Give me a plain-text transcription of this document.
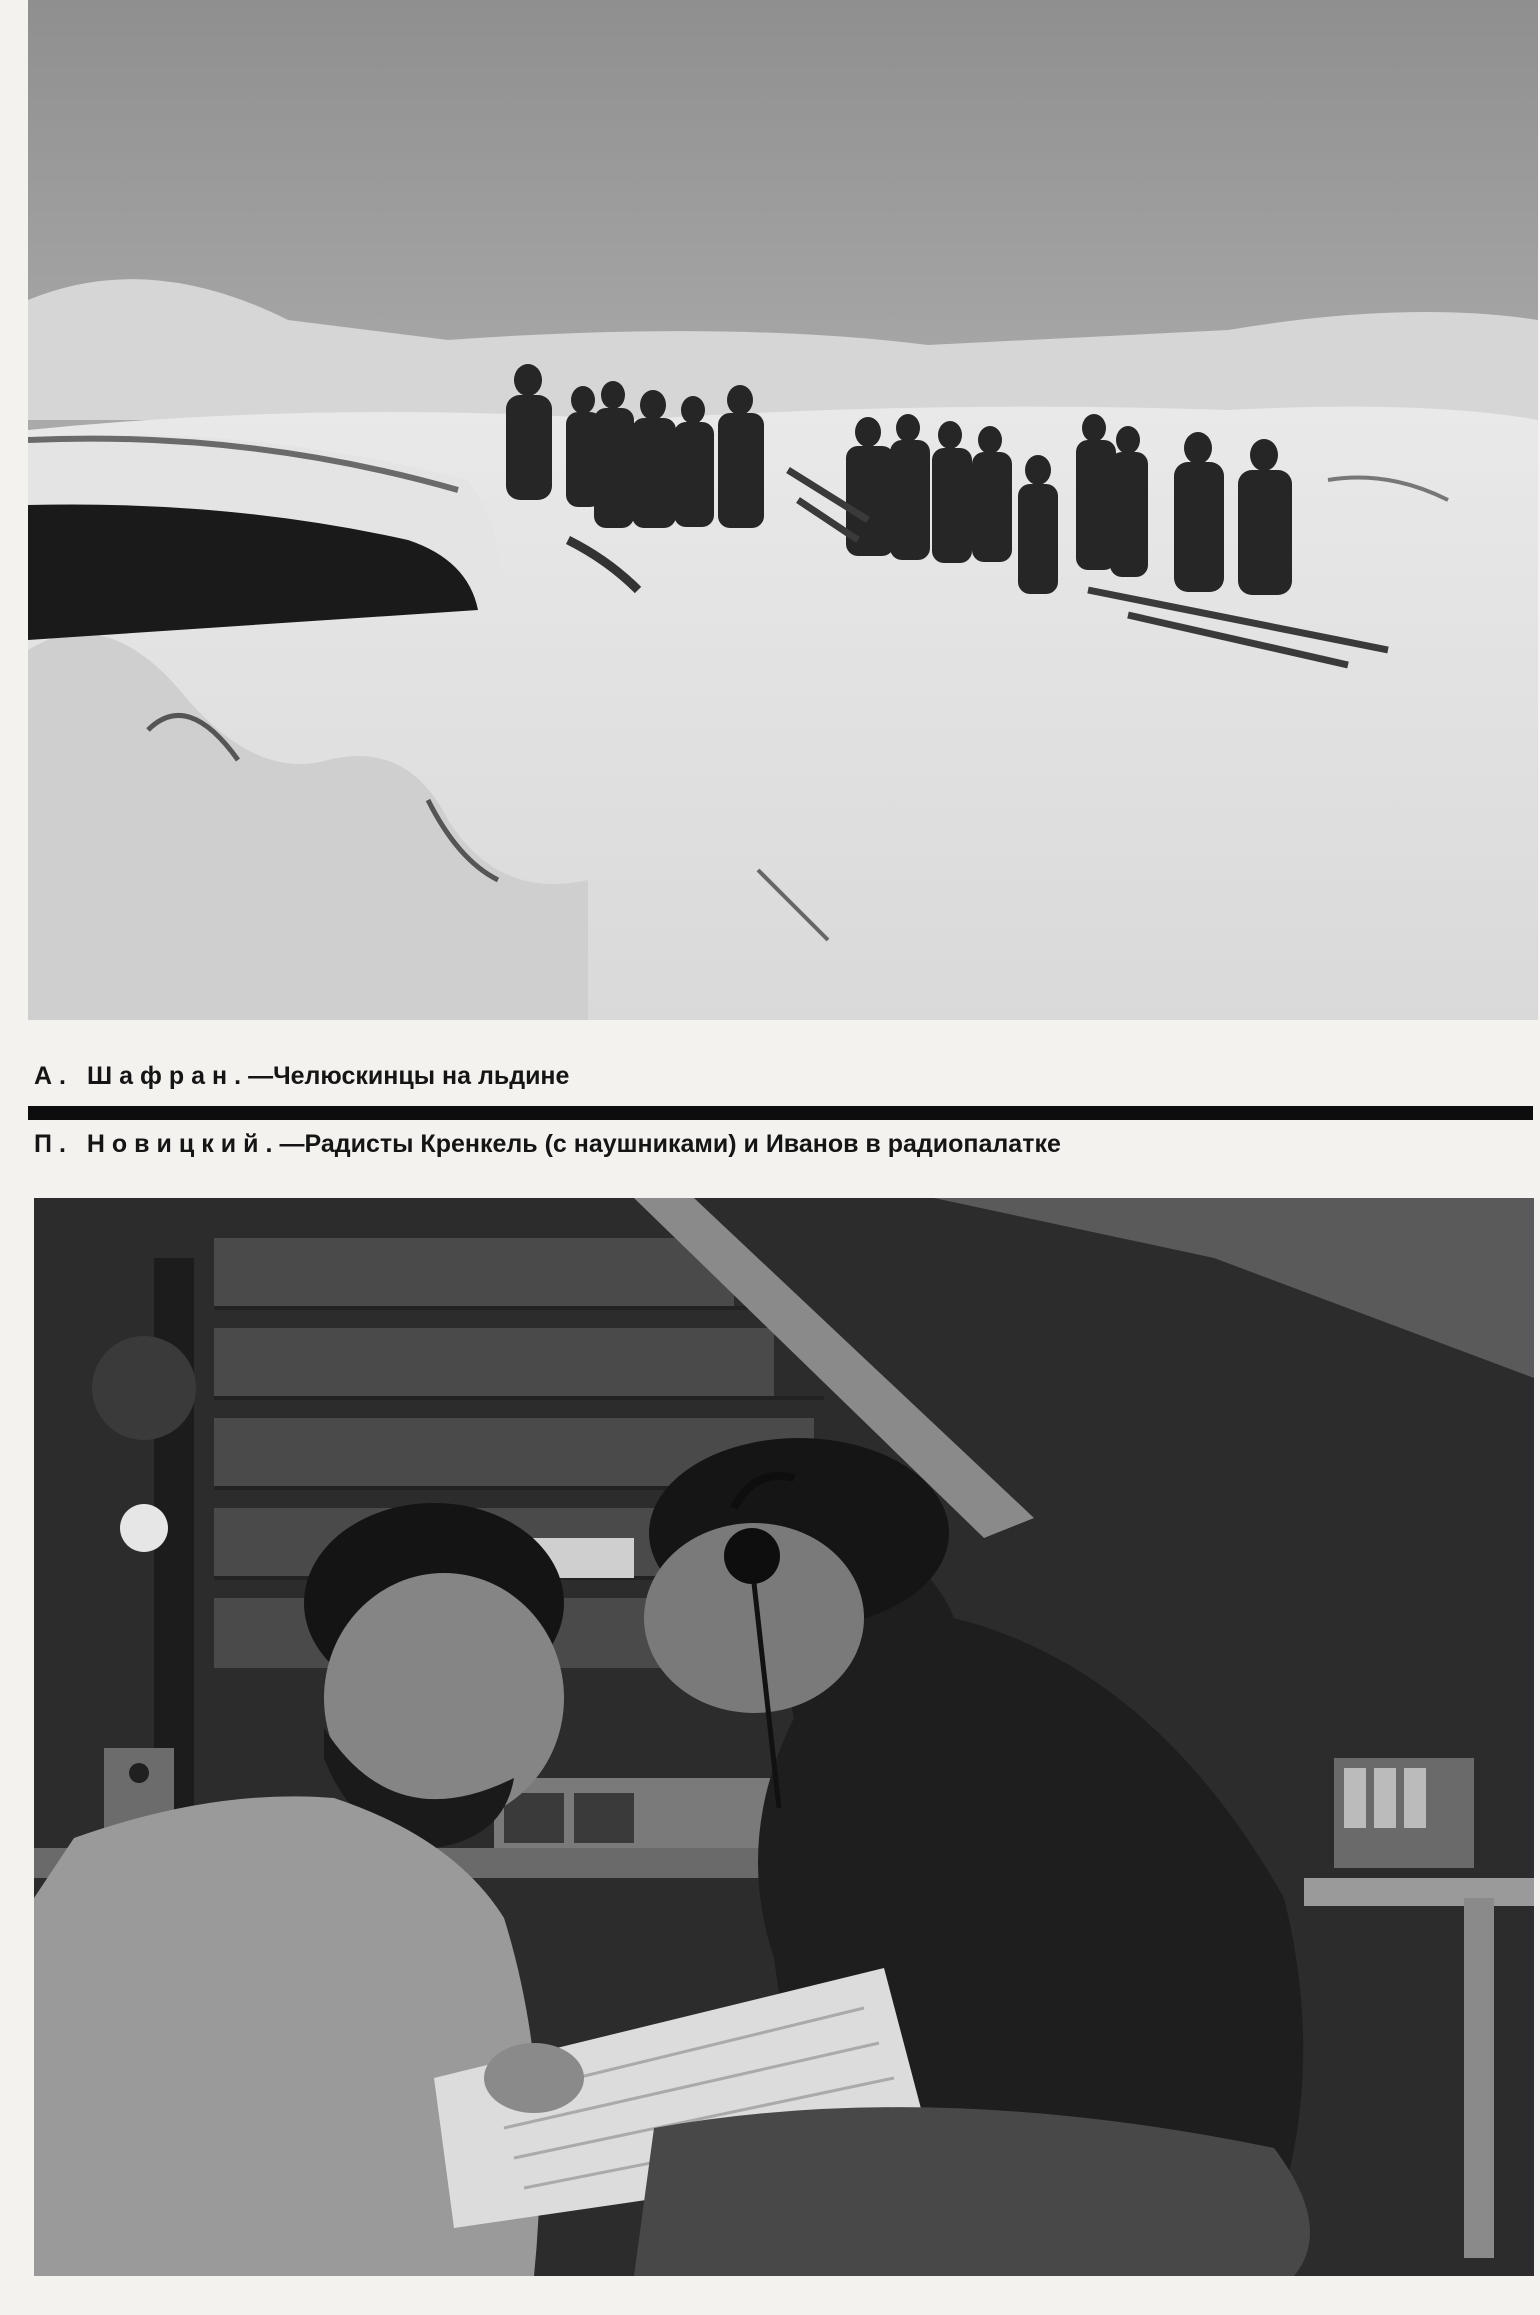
А. Шафран.—Челюскинцы на льдине
П. Новицкий.—Радисты Кренкель (с наушниками) и Иванов в радиопалатке
